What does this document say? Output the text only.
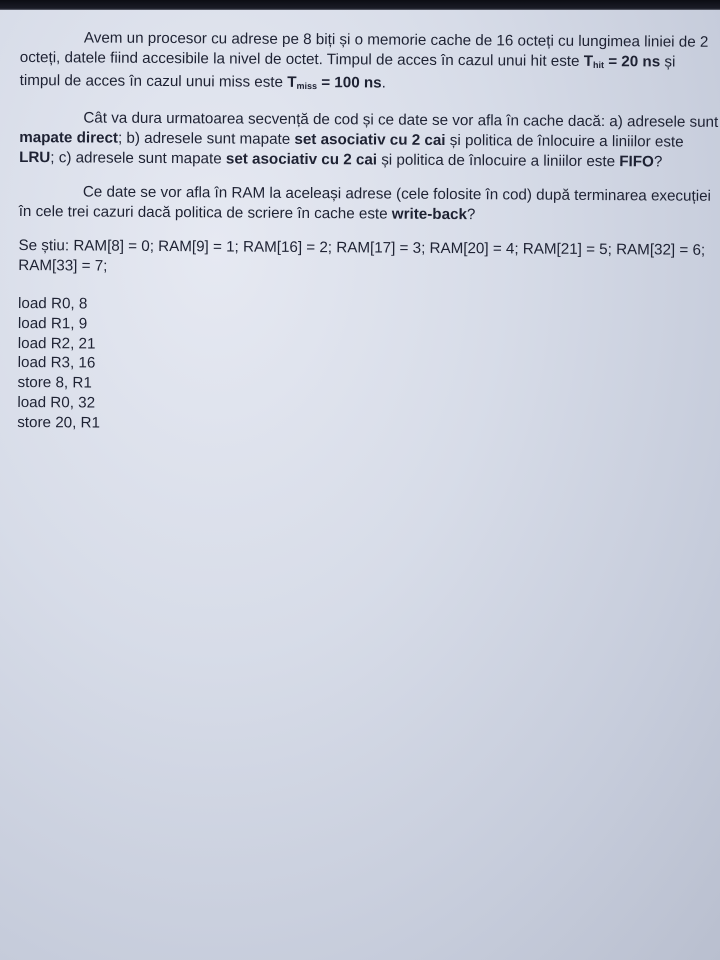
Avem un procesor cu adrese pe 8 biți și o memorie cache de 16 octeți cu lungimea liniei de 2 octeți, datele fiind accesibile la nivel de octet. Timpul de acces în cazul unui hit este $T_{hit} = 20$ ns și timpul de acces în cazul unui miss este $T_{miss} = 100$ ns.

Cât va dura urmatoarea secvență de cod și ce date se vor afla în cache dacă: a) adresele sunt mapate direct; b) adresele sunt mapate set asociativ cu 2 cai și politica de înlocuire a liniilor este LRU; c) adresele sunt mapate set asociativ cu 2 cai și politica de înlocuire a liniilor este FIFO?

Ce date se vor afla în RAM la aceleași adrese (cele folosite în cod) după terminarea execuției în cele trei cazuri dacă politica de scriere în cache este write-back?

Se știu: RAM[8] = 0; RAM[9] = 1; RAM[16] = 2; RAM[17] = 3; RAM[20] = 4; RAM[21] = 5; RAM[32] = 6; RAM[33] = 7;

load R0, 8
load R1, 9
load R2, 21
load R3, 16
store 8, R1
load R0, 32
store 20, R1
